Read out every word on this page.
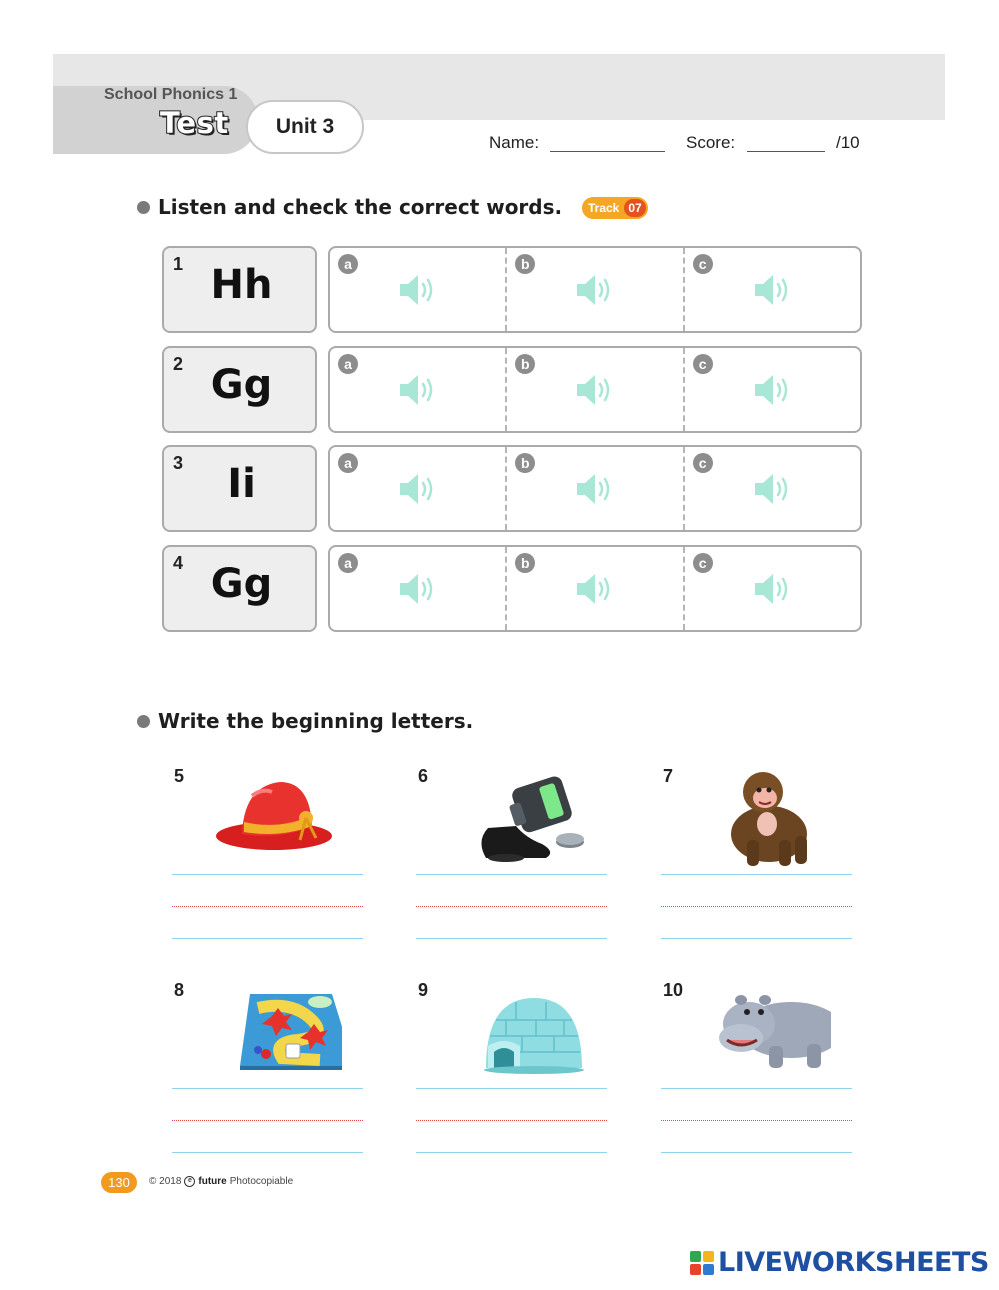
School Phonics 1
Test	Unit 3
Name:	Score:	/10
Listen and check the correct words. Track 07
1 Hh	a	b	c
2 Gg	a	b	c
3	Ii	a	b	c
4 Gg	a	b	c
Write the beginning letters.
5	6	7
8	9	10
130	© 2018 e future Photocopiable
LIVEWORKSHEETS
